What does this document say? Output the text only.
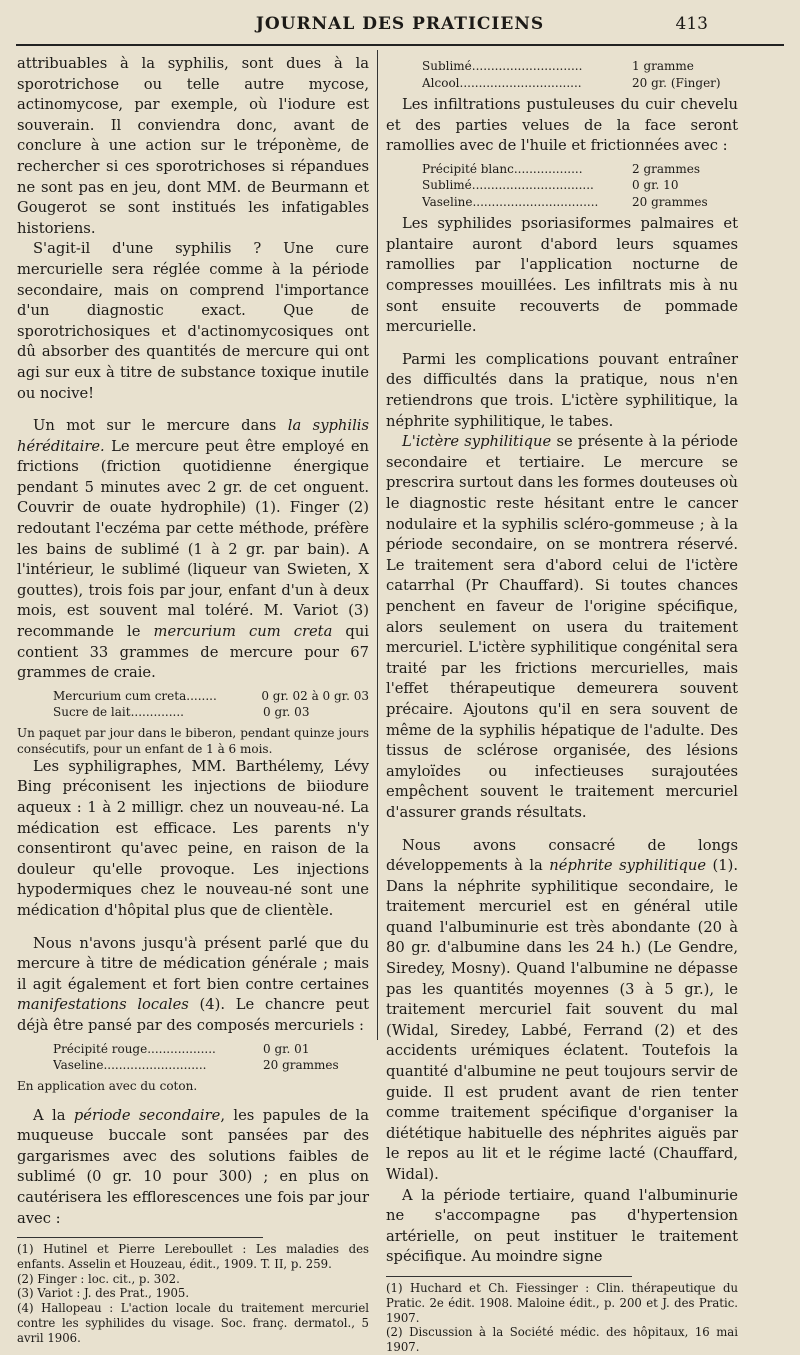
JOURNAL DES PRATICIENS	413

attribuables à la syphilis, sont dues à la sporotrichose ou telle autre mycose, actinomycose, par exemple, où l'iodure est souverain. Il conviendra donc, avant de conclure à une action sur le tréponème, de rechercher si ces sporotrichoses si répandues ne sont pas en jeu, dont MM. de Beurmann et Gougerot se sont institués les infatigables historiens.

S'agit-il d'une syphilis ? Une cure mercurielle sera réglée comme à la période secondaire, mais on comprend l'importance d'un diagnostic exact. Que de sporotrichosiques et d'actinomycosiques ont dû absorber des quantités de mercure qui ont agi sur eux à titre de substance toxique inutile ou nocive!

Un mot sur le mercure dans la syphilis héréditaire. Le mercure peut être employé en frictions (friction quotidienne énergique pendant 5 minutes avec 2 gr. de cet onguent. Couvrir de ouate hydrophile) (1). Finger (2) redoutant l'eczéma par cette méthode, préfère les bains de sublimé (1 à 2 gr. par bain). A l'intérieur, le sublimé (liqueur van Swieten, X gouttes), trois fois par jour, enfant d'un à deux mois, est souvent mal toléré. M. Variot (3) recommande le mercurium cum creta qui contient 33 grammes de mercure pour 67 grammes de craie.

Mercurium cum creta........	0 gr. 02 à 0 gr. 03
Sucre de lait..............	0 gr. 03

Un paquet par jour dans le biberon, pendant quinze jours consécutifs, pour un enfant de 1 à 6 mois.

Les syphiligraphes, MM. Barthélemy, Lévy Bing préconisent les injections de biiodure aqueux : 1 à 2 milligr. chez un nouveau-né. La médication est efficace. Les parents n'y consentiront qu'avec peine, en raison de la douleur qu'elle provoque. Les injections hypodermiques chez le nouveau-né sont une médication d'hôpital plus que de clientèle.

Nous n'avons jusqu'à présent parlé que du mercure à titre de médication générale ; mais il agit également et fort bien contre certaines manifestations locales (4). Le chancre peut déjà être pansé par des composés mercuriels :

Précipité rouge..................	0 gr. 01
Vaseline...........................	20 grammes

En application avec du coton.

A la période secondaire, les papules de la muqueuse buccale sont pansées par des gargarismes avec des solutions faibles de sublimé (0 gr. 10 pour 300) ; en plus on cautérisera les efflorescences une fois par jour avec :

(1) Hutinel et Pierre Lereboullet : Les maladies des enfants. Asselin et Houzeau, édit., 1909. T. II, p. 259.
(2) Finger : loc. cit., p. 302.
(3) Variot : J. des Prat., 1905.
(4) Hallopeau : L'action locale du traitement mercuriel contre les syphilides du visage. Soc. franç. dermatol., 5 avril 1906.
Sublimé.............................	1 gramme
Alcool................................	20 gr. (Finger)

Les infiltrations pustuleuses du cuir chevelu et des parties velues de la face seront ramollies avec de l'huile et frictionnées avec :

Précipité blanc..................	2 grammes
Sublimé................................	0 gr. 10
Vaseline.................................	20 grammes

Les syphilides psoriasiformes palmaires et plantaire auront d'abord leurs squames ramollies par l'application nocturne de compresses mouillées. Les infiltrats mis à nu sont ensuite recouverts de pommade mercurielle.

Parmi les complications pouvant entraîner des difficultés dans la pratique, nous n'en retiendrons que trois. L'ictère syphilitique, la néphrite syphilitique, le tabes.

L'ictère syphilitique se présente à la période secondaire et tertiaire. Le mercure se prescrira surtout dans les formes douteuses où le diagnostic reste hésitant entre le cancer nodulaire et la syphilis scléro-gommeuse ; à la période secondaire, on se montrera réservé. Le traitement sera d'abord celui de l'ictère catarrhal (Pr Chauffard). Si toutes chances penchent en faveur de l'origine spécifique, alors seulement on usera du traitement mercuriel. L'ictère syphilitique congénital sera traité par les frictions mercurielles, mais l'effet thérapeutique demeurera souvent précaire. Ajoutons qu'il en sera souvent de même de la syphilis hépatique de l'adulte. Des tissus de sclérose organisée, des lésions amyloïdes ou infectieuses surajoutées empêchent souvent le traitement mercuriel d'assurer grands résultats.

Nous avons consacré de longs développements à la néphrite syphilitique (1). Dans la néphrite syphilitique secondaire, le traitement mercuriel est en général utile quand l'albuminurie est très abondante (20 à 80 gr. d'albumine dans les 24 h.) (Le Gendre, Siredey, Mosny). Quand l'albumine ne dépasse pas les quantités moyennes (3 à 5 gr.), le traitement mercuriel fait souvent du mal (Widal, Siredey, Labbé, Ferrand (2) et des accidents urémiques éclatent. Toutefois la quantité d'albumine ne peut toujours servir de guide. Il est prudent avant de rien tenter comme traitement spécifique d'organiser la diététique habituelle des néphrites aiguës par le repos au lit et le régime lacté (Chauffard, Widal).

A la période tertiaire, quand l'albuminurie ne s'accompagne pas d'hypertension artérielle, on peut instituer le traitement spécifique. Au moindre signe

(1) Huchard et Ch. Fiessinger : Clin. thérapeutique du Pratic. 2e édit. 1908. Maloine édit., p. 200 et J. des Pratic. 1907.
(2) Discussion à la Société médic. des hôpitaux, 16 mai 1907.
